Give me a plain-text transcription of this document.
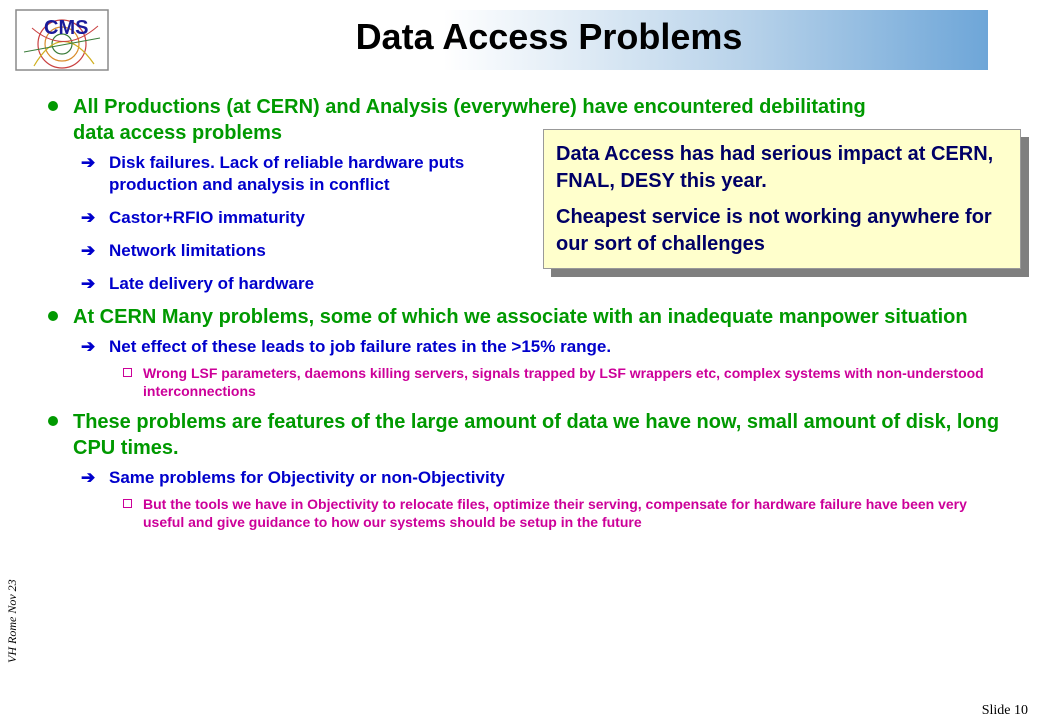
CMS	Data Access Problems
All Productions (at CERN) and Analysis (everywhere) have encountered debilitating data access problems
➔ Disk failures. Lack of reliable hardware puts production and analysis in conflict
➔ Castor+RFIO immaturity
➔ Network limitations
➔ Late delivery of hardware
At CERN Many problems, some of which we associate with an inadequate manpower situation
➔ Net effect of these leads to job failure rates in the >15% range.
Wrong LSF parameters, daemons killing servers, signals trapped by LSF wrappers etc, complex systems with non-understood interconnections
These problems are features of the large amount of data we have now, small amount of disk, long CPU times.
➔ Same problems for Objectivity or non-Objectivity
But the tools we have in Objectivity to relocate files, optimize their serving, compensate for hardware failure have been very useful and give guidance to how our systems should be setup in the future

Data Access has had serious impact at CERN, FNAL, DESY this year.

Cheapest service is not working anywhere for our sort of challenges

VH Rome Nov 23
Slide 10
